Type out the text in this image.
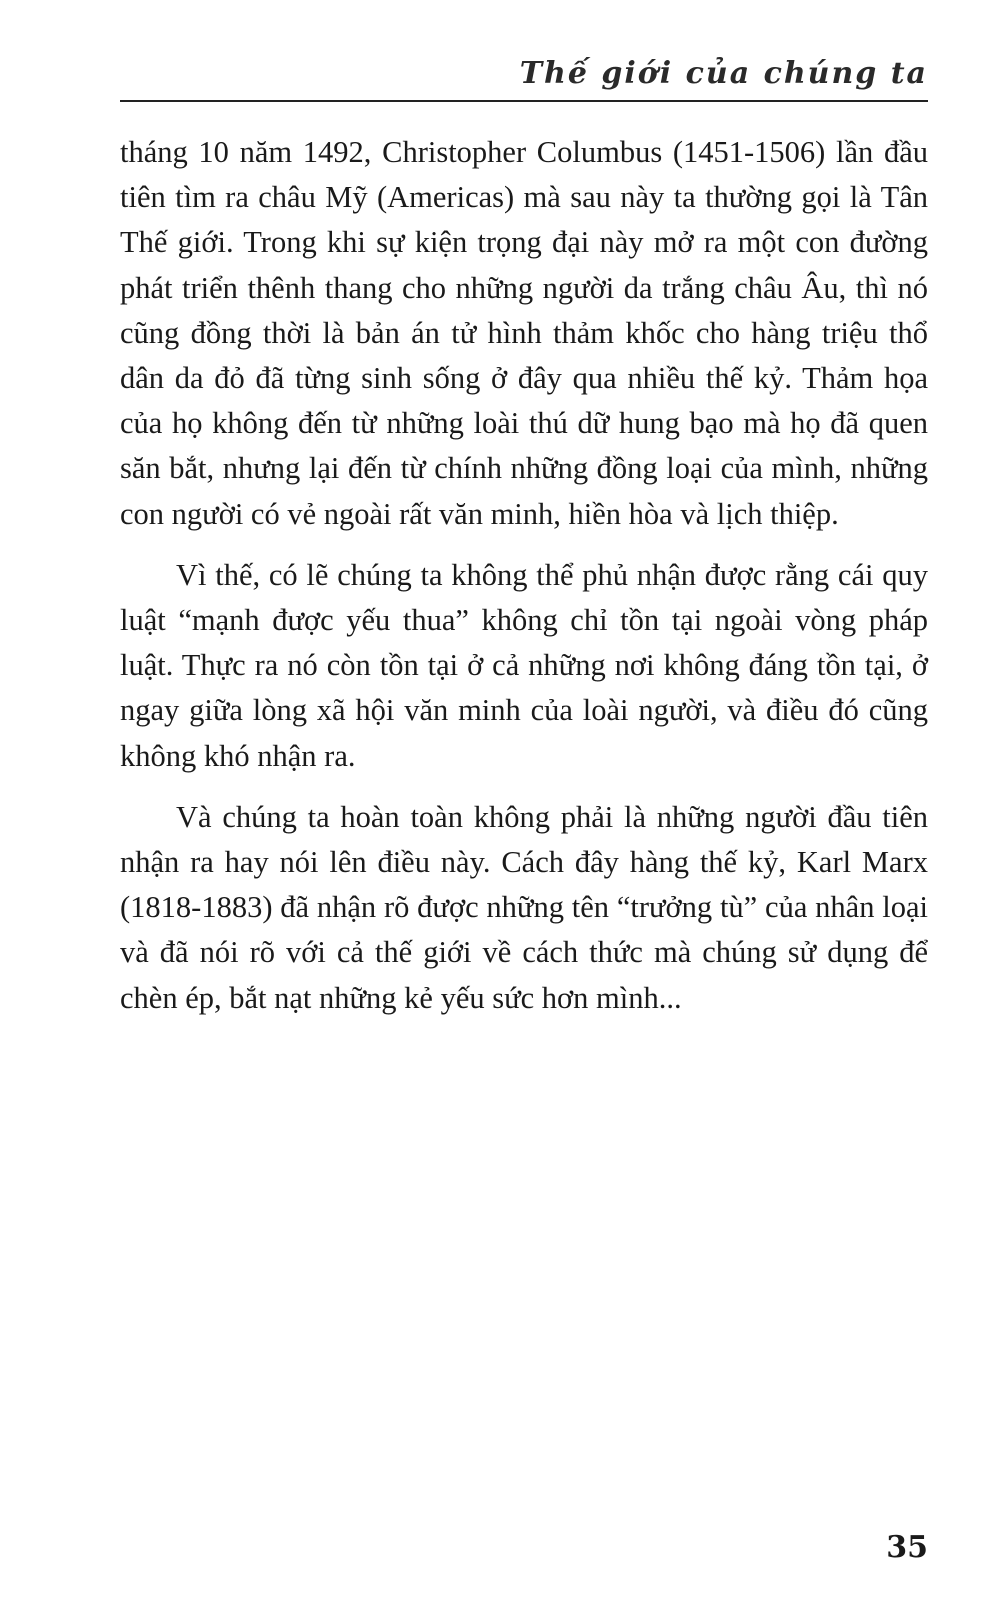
Thế giới của chúng ta

tháng 10 năm 1492, Christopher Columbus (1451-1506) lần đầu tiên tìm ra châu Mỹ (Americas) mà sau này ta thường gọi là Tân Thế giới. Trong khi sự kiện trọng đại này mở ra một con đường phát triển thênh thang cho những người da trắng châu Âu, thì nó cũng đồng thời là bản án tử hình thảm khốc cho hàng triệu thổ dân da đỏ đã từng sinh sống ở đây qua nhiều thế kỷ. Thảm họa của họ không đến từ những loài thú dữ hung bạo mà họ đã quen săn bắt, nhưng lại đến từ chính những đồng loại của mình, những con người có vẻ ngoài rất văn minh, hiền hòa và lịch thiệp.

Vì thế, có lẽ chúng ta không thể phủ nhận được rằng cái quy luật “mạnh được yếu thua” không chỉ tồn tại ngoài vòng pháp luật. Thực ra nó còn tồn tại ở cả những nơi không đáng tồn tại, ở ngay giữa lòng xã hội văn minh của loài người, và điều đó cũng không khó nhận ra.

Và chúng ta hoàn toàn không phải là những người đầu tiên nhận ra hay nói lên điều này. Cách đây hàng thế kỷ, Karl Marx (1818-1883) đã nhận rõ được những tên “trưởng tù” của nhân loại và đã nói rõ với cả thế giới về cách thức mà chúng sử dụng để chèn ép, bắt nạt những kẻ yếu sức hơn mình...

35
